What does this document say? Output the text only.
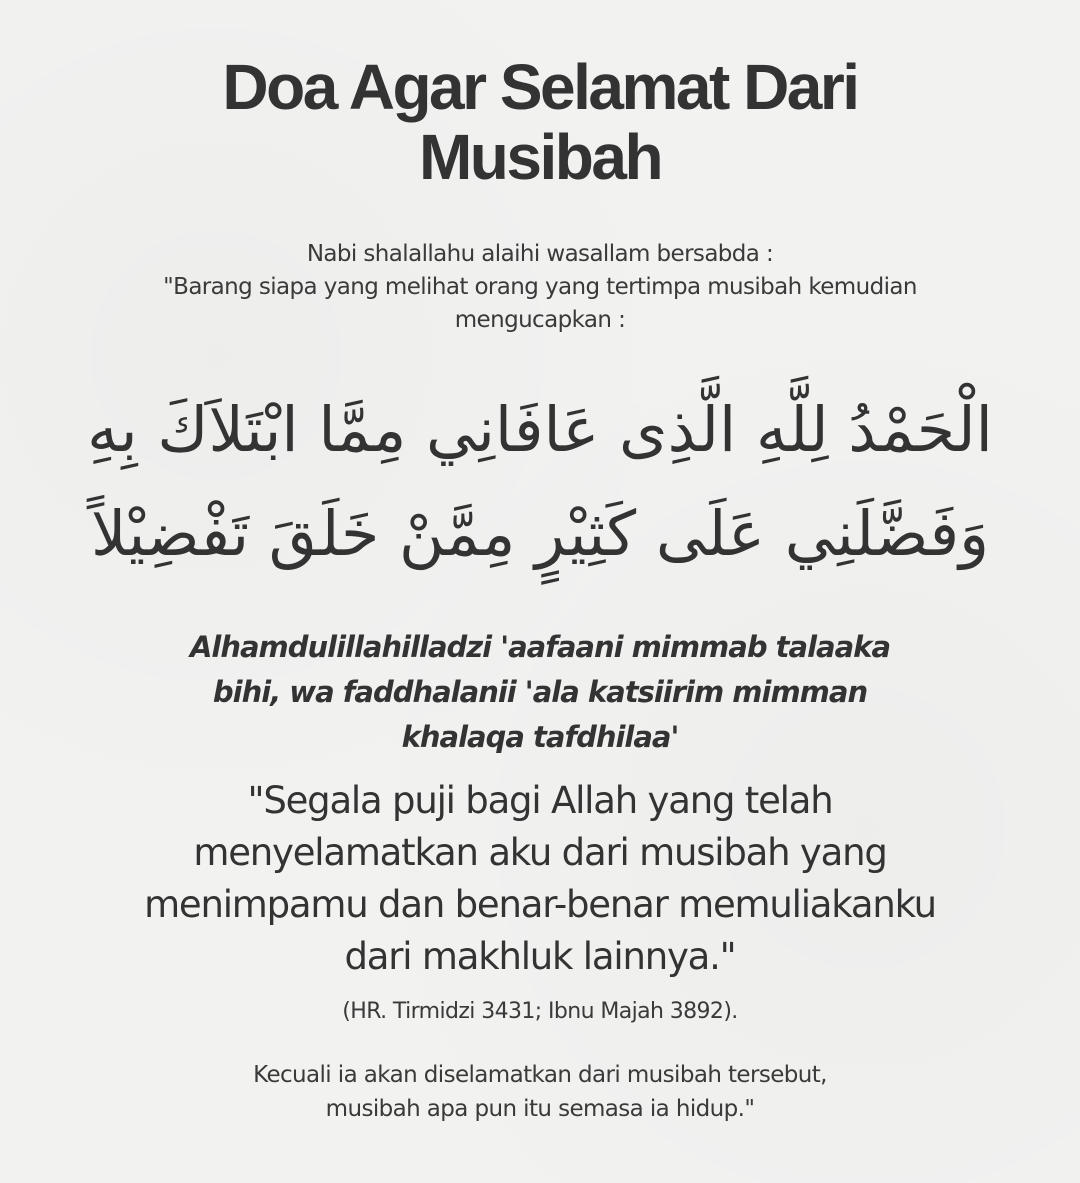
Doa Agar Selamat Dari
Musibah
Nabi shalallahu alaihi wasallam bersabda :
"Barang siapa yang melihat orang yang tertimpa musibah kemudian
mengucapkan :
الْحَمْدُ لِلَّهِ الَّذِى عَافَانِي مِمَّا ابْتَلاَكَ بِهِ
وَفَضَّلَنِي عَلَى كَثِيْرٍ مِمَّنْ خَلَقَ تَفْضِيْلاً
Alhamdulillahilladzi 'aafaani mimmab talaaka
bihi, wa faddhalanii 'ala katsiirim mimman
khalaqa tafdhilaa'
"Segala puji bagi Allah yang telah
menyelamatkan aku dari musibah yang
menimpamu dan benar-benar memuliakanku
dari makhluk lainnya."
(HR. Tirmidzi 3431; Ibnu Majah 3892).
Kecuali ia akan diselamatkan dari musibah tersebut,
musibah apa pun itu semasa ia hidup."
